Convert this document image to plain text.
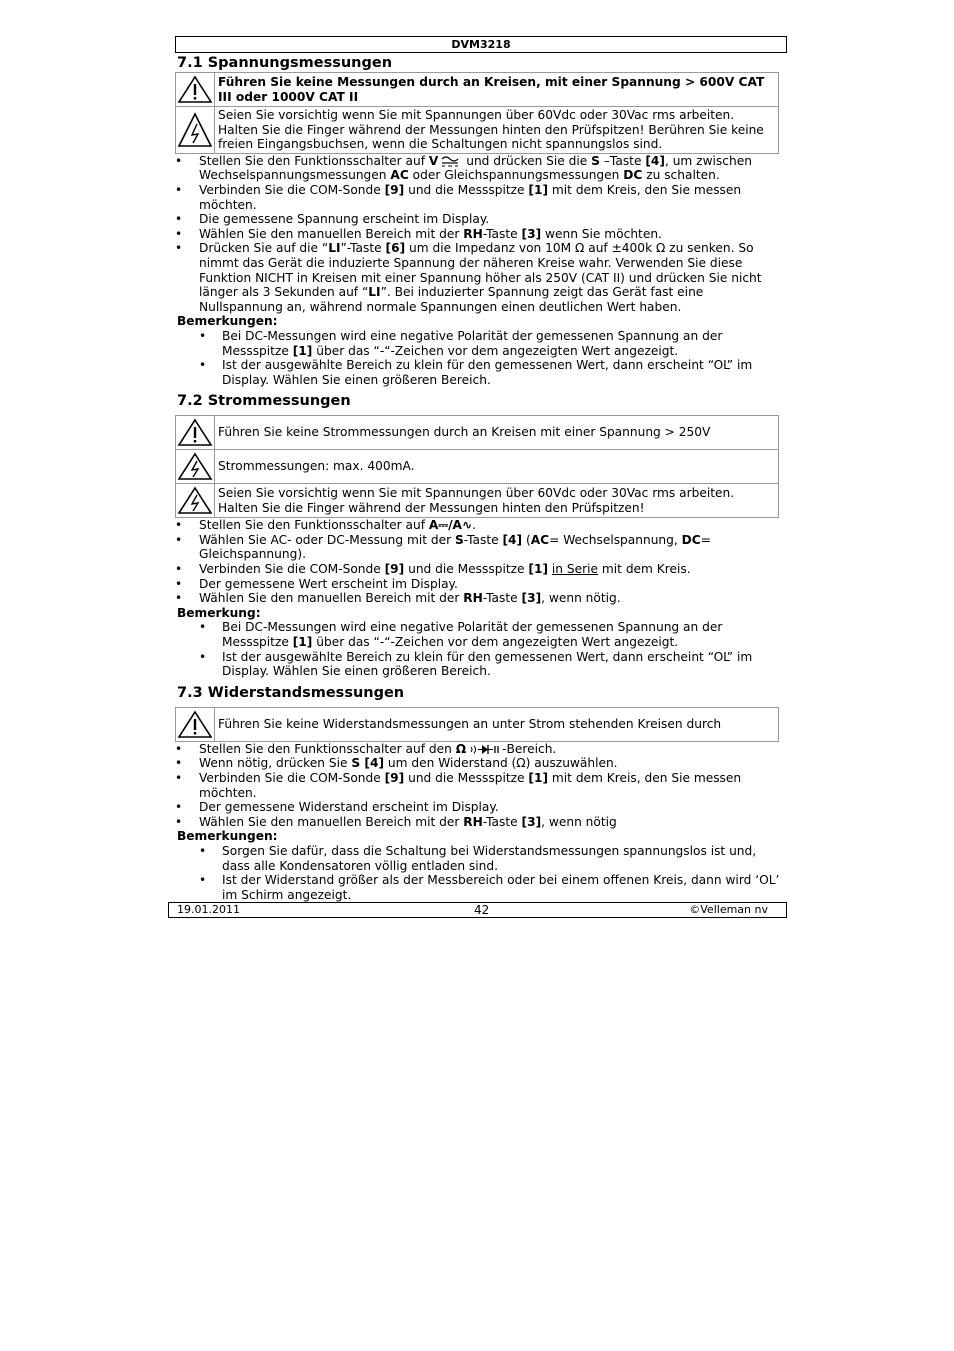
DVM3218
7.1 Spannungsmessungen
	Führen Sie keine Messungen durch an Kreisen, mit einer Spannung > 600V CAT III oder 1000V CAT II

	Seien Sie vorsichtig wenn Sie mit Spannungen über 60Vdc oder 30Vac rms arbeiten. Halten Sie die Finger während der Messungen hinten den Prüfspitzen! Berühren Sie keine freien Eingangsbuchsen, wenn die Schaltungen nicht spannungslos sind.
• Stellen Sie den Funktionsschalter auf V und drücken Sie die S –Taste [4], um zwischen Wechselspannungsmessungen AC oder Gleichspannungsmessungen DC zu schalten.
• Verbinden Sie die COM-Sonde [9] und die Messspitze [1] mit dem Kreis, den Sie messen möchten.
• Die gemessene Spannung erscheint im Display.
• Wählen Sie den manuellen Bereich mit der RH-Taste [3] wenn Sie möchten.
• Drücken Sie auf die “LI”-Taste [6] um die Impedanz von 10M Ω auf ±400k Ω zu senken. So nimmt das Gerät die induzierte Spannung der näheren Kreise wahr. Verwenden Sie diese Funktion NICHT in Kreisen mit einer Spannung höher als 250V (CAT II) und drücken Sie nicht länger als 3 Sekunden auf “LI”. Bei induzierter Spannung zeigt das Gerät fast eine Nullspannung an, während normale Spannungen einen deutlichen Wert haben.
Bemerkungen:
• Bei DC-Messungen wird eine negative Polarität der gemessenen Spannung an der Messspitze [1] über das “-“-Zeichen vor dem angezeigten Wert angezeigt.
• Ist der ausgewählte Bereich zu klein für den gemessenen Wert, dann erscheint “OL” im Display. Wählen Sie einen größeren Bereich.
7.2 Strommessungen
	Führen Sie keine Strommessungen durch an Kreisen mit einer Spannung > 250V

	Strommessungen: max. 400mA.

	Seien Sie vorsichtig wenn Sie mit Spannungen über 60Vdc oder 30Vac rms arbeiten. Halten Sie die Finger während der Messungen hinten den Prüfspitzen!
• Stellen Sie den Funktionsschalter auf A⎓/A∿.
• Wählen Sie AC- oder DC-Messung mit der S-Taste [4] (AC= Wechselspannung, DC= Gleichspannung).
• Verbinden Sie die COM-Sonde [9] und die Messspitze [1] in Serie mit dem Kreis.
• Der gemessene Wert erscheint im Display.
• Wählen Sie den manuellen Bereich mit der RH-Taste [3], wenn nötig.
Bemerkung:
• Bei DC-Messungen wird eine negative Polarität der gemessenen Spannung an der Messspitze [1] über das “-“-Zeichen vor dem angezeigten Wert angezeigt.
• Ist der ausgewählte Bereich zu klein für den gemessenen Wert, dann erscheint “OL” im Display. Wählen Sie einen größeren Bereich.
7.3 Widerstandsmessungen
	Führen Sie keine Widerstandsmessungen an unter Strom stehenden Kreisen durch
• Stellen Sie den Funktionsschalter auf den Ω	-Bereich.
• Wenn nötig, drücken Sie S [4] um den Widerstand (Ω) auszuwählen.
• Verbinden Sie die COM-Sonde [9] und die Messspitze [1] mit dem Kreis, den Sie messen möchten.
• Der gemessene Widerstand erscheint im Display.
• Wählen Sie den manuellen Bereich mit der RH-Taste [3], wenn nötig
Bemerkungen:
• Sorgen Sie dafür, dass die Schaltung bei Widerstandsmessungen spannungslos ist und, dass alle Kondensatoren völlig entladen sind.
• Ist der Widerstand größer als der Messbereich oder bei einem offenen Kreis, dann wird ‘OL’ im Schirm angezeigt.
19.01.2011	42	©Velleman nv
